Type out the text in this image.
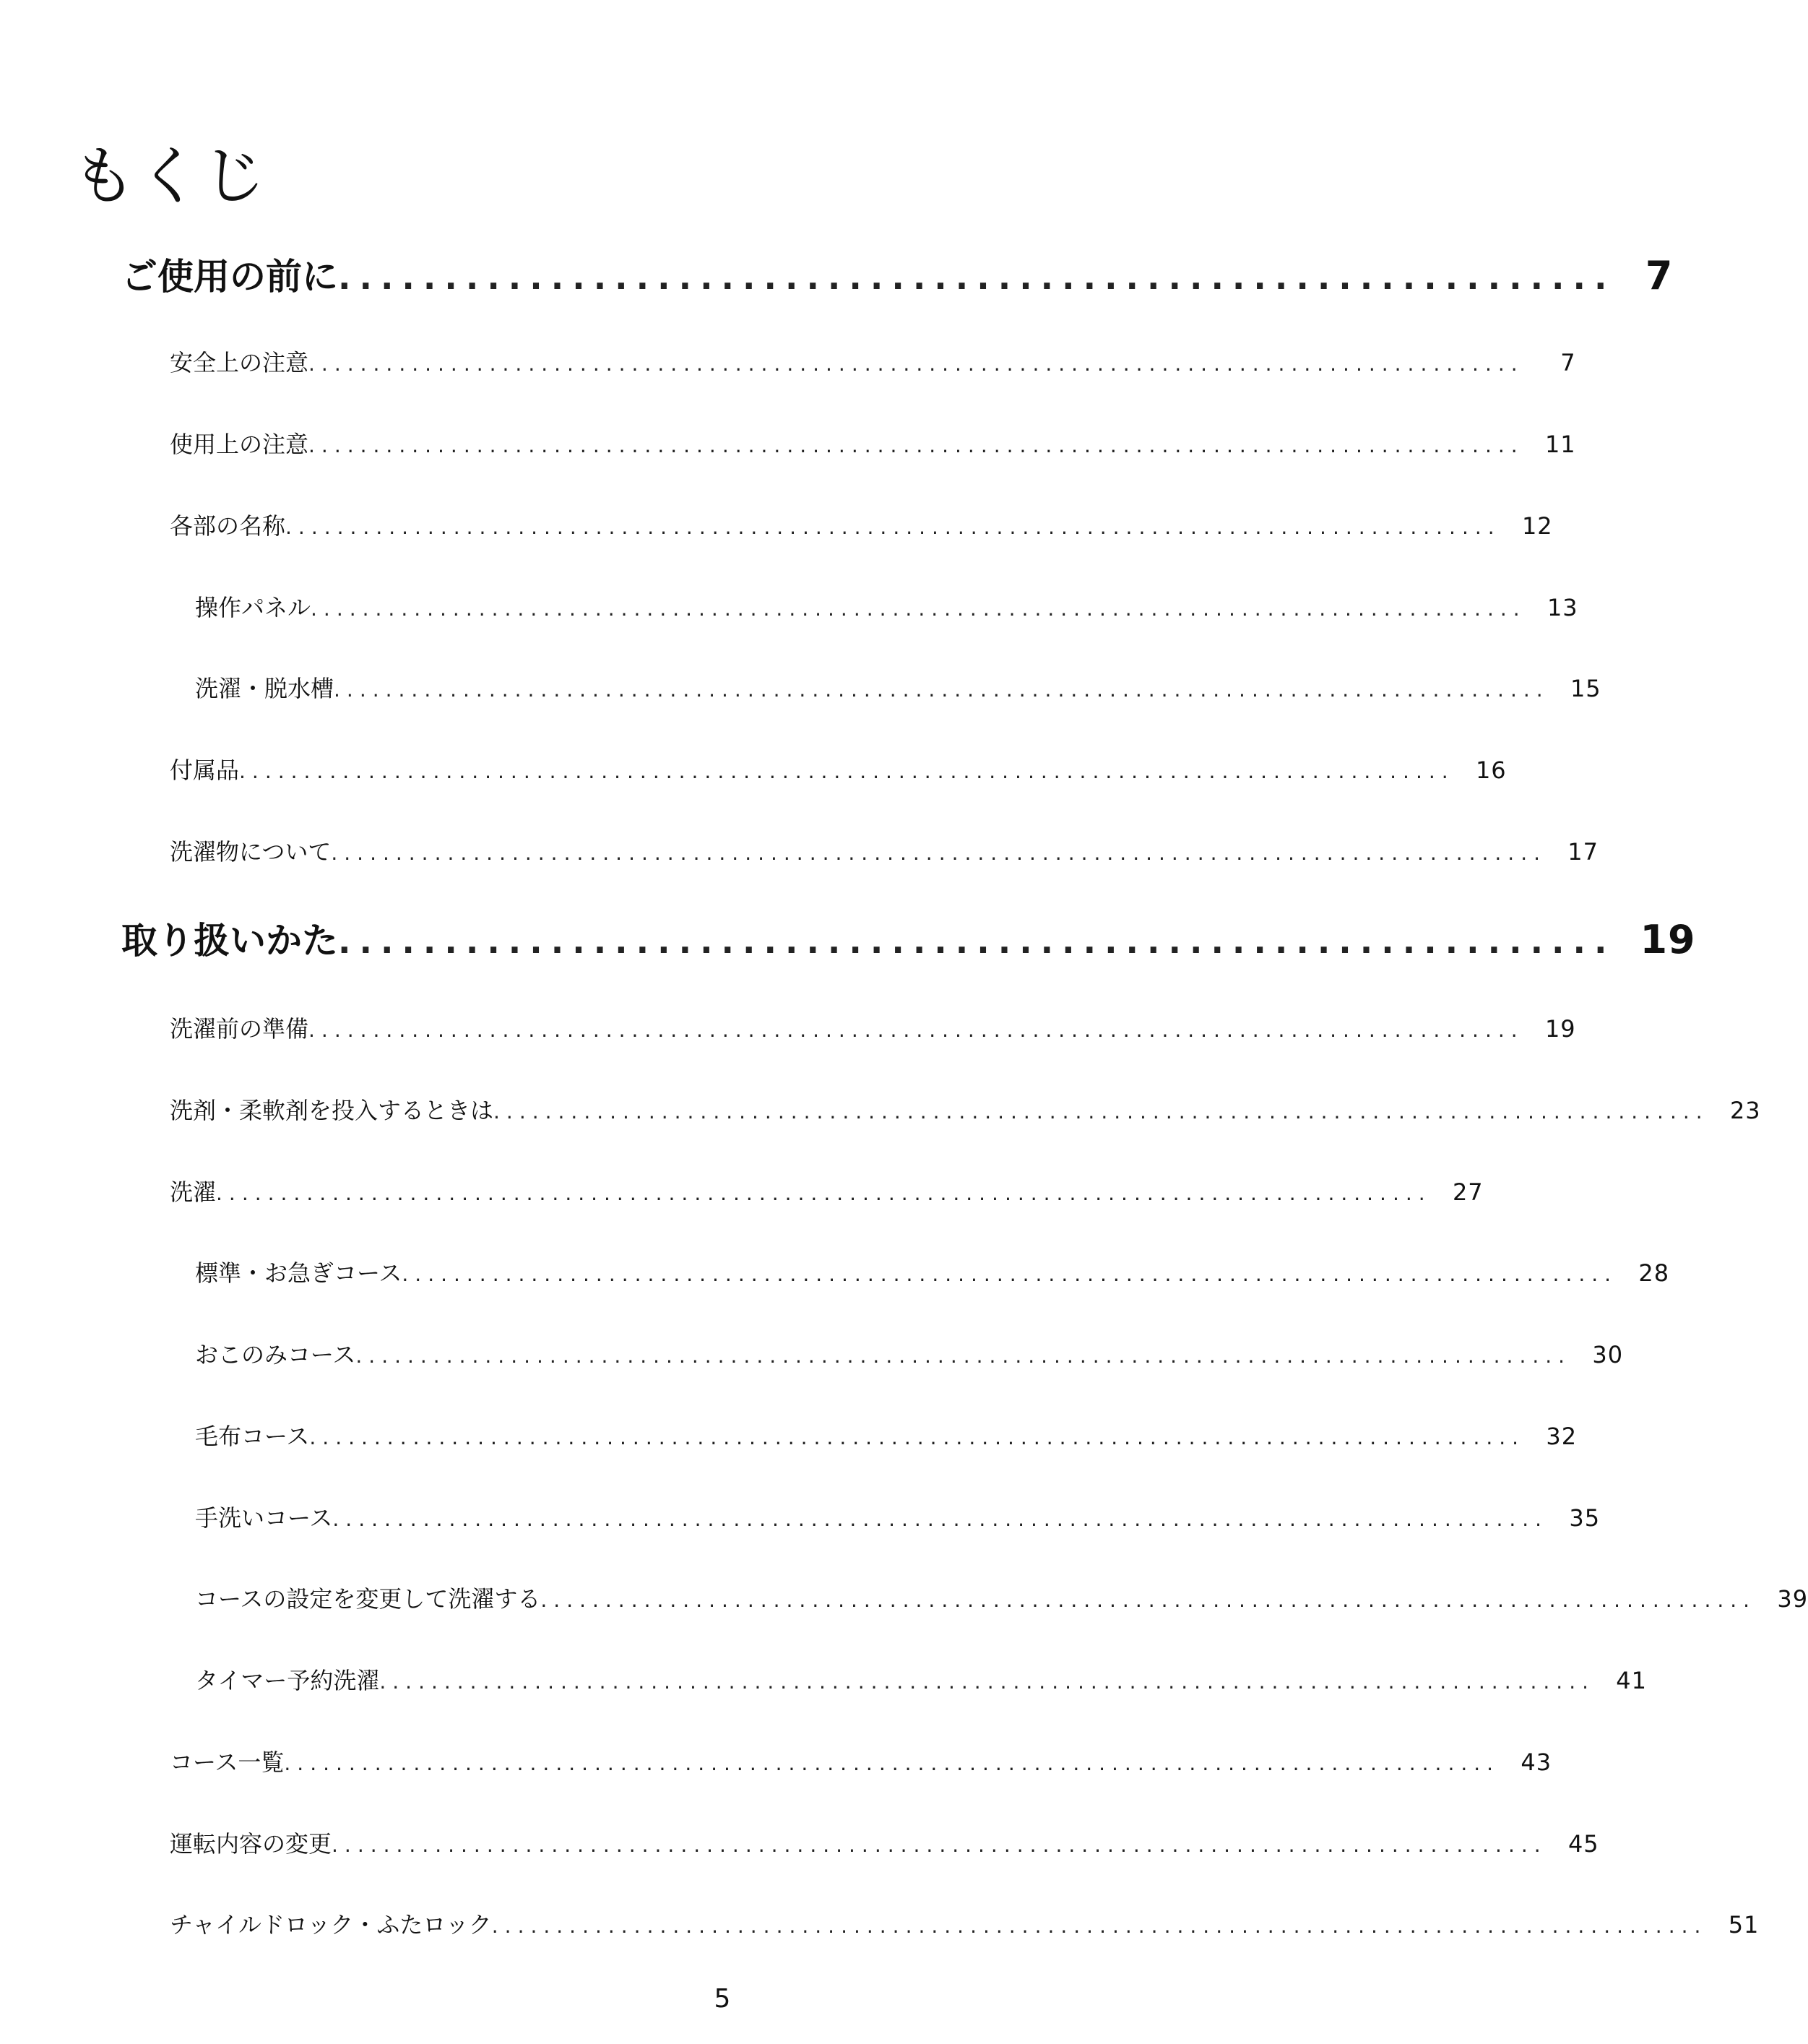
もくじ
ご使用の前に ............................................................ 7
安全上の注意 ..............................................................................................	7
使用上の注意 .............................................................................................. 11
各部の名称 .............................................................................................. 12
操作パネル .............................................................................................. 13
洗濯・脱水槽 .............................................................................................. 15
付属品 .............................................................................................. 16
洗濯物について .............................................................................................. 17
取り扱いかた ............................................................ 19
洗濯前の準備 .............................................................................................. 19
洗剤・柔軟剤を投入するときは .............................................................................................. 23
洗濯 .............................................................................................. 27
標準・お急ぎコース .............................................................................................. 28
おこのみコース .............................................................................................. 30
毛布コース .............................................................................................. 32
手洗いコース .............................................................................................. 35
コースの設定を変更して洗濯する .............................................................................................. 39
タイマー予約洗濯 .............................................................................................. 41
コース一覧 .............................................................................................. 43
運転内容の変更 .............................................................................................. 45
チャイルドロック・ふたロック .............................................................................................. 51
5
